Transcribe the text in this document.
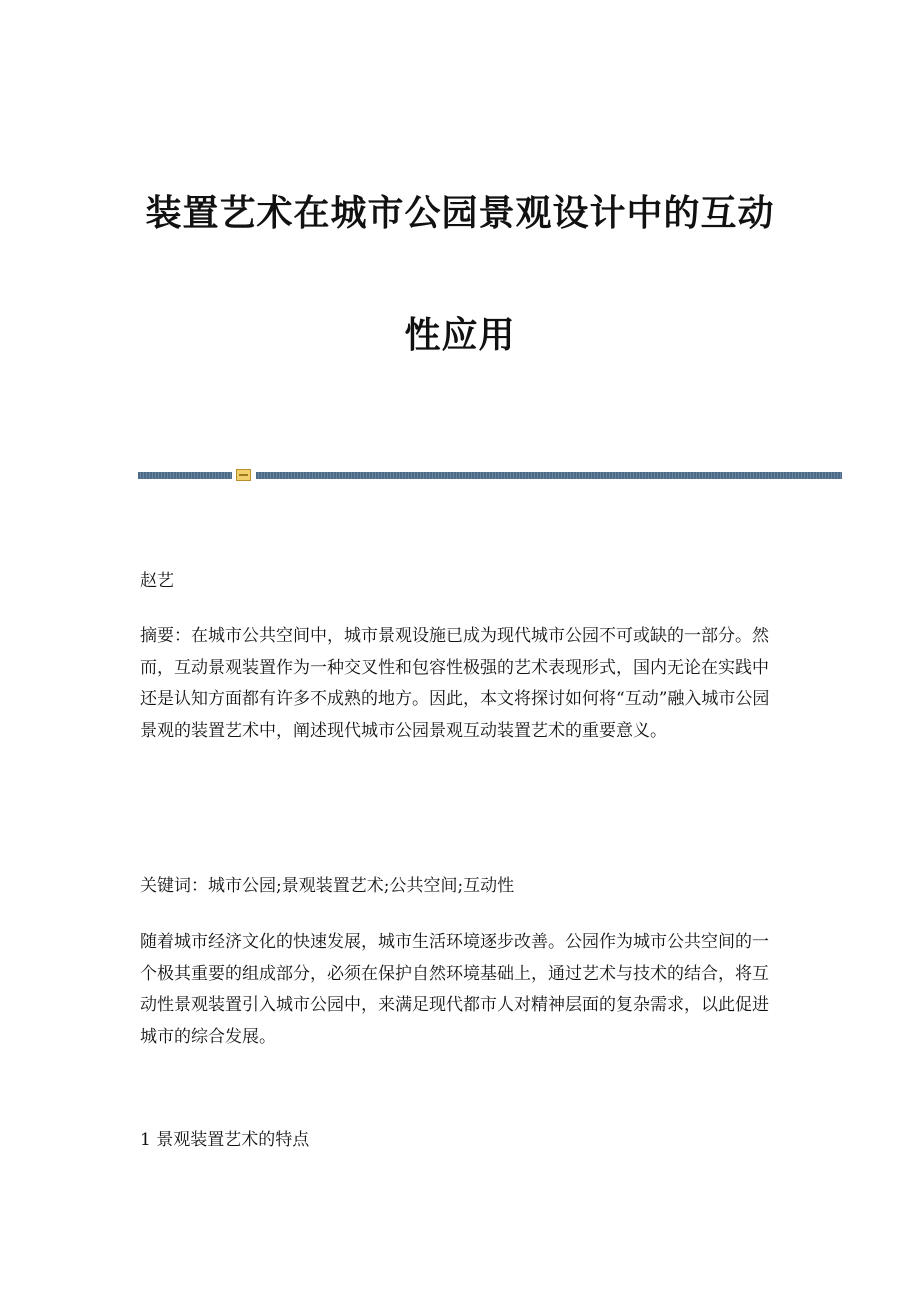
装置艺术在城市公园景观设计中的互动
性应用

赵艺

摘要：在城市公共空间中，城市景观设施已成为现代城市公园不可或缺的一部分。然而，互动景观装置作为一种交叉性和包容性极强的艺术表现形式，国内无论在实践中还是认知方面都有许多不成熟的地方。因此，本文将探讨如何将“互动”融入城市公园景观的装置艺术中，阐述现代城市公园景观互动装置艺术的重要意义。

关键词：城市公园;景观装置艺术;公共空间;互动性

随着城市经济文化的快速发展，城市生活环境逐步改善。公园作为城市公共空间的一个极其重要的组成部分，必须在保护自然环境基础上，通过艺术与技术的结合，将互动性景观装置引入城市公园中，来满足现代都市人对精神层面的复杂需求，以此促进城市的综合发展。

1 景观装置艺术的特点
